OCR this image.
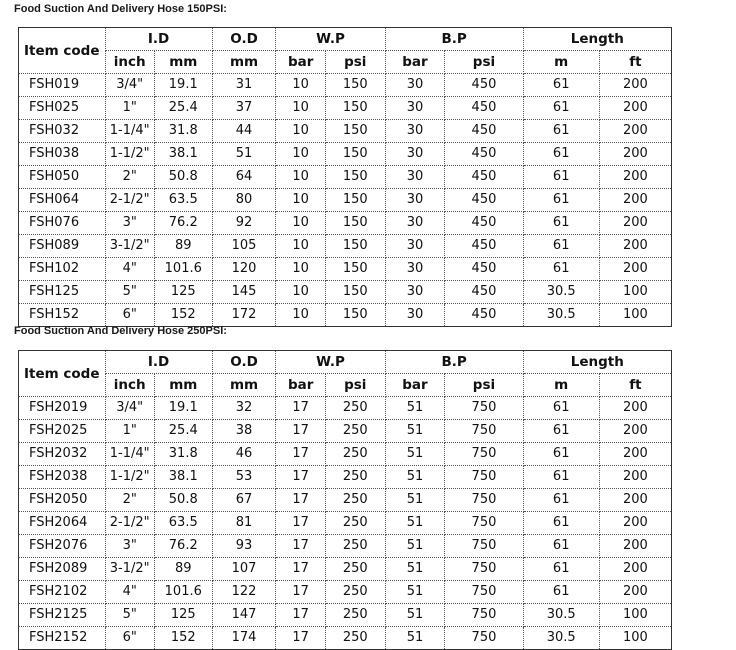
Food Suction And Delivery Hose 150PSI:
Item code	I.D		O.D	W.P		B.P		Length	
	inch	mm	mm	bar	psi	bar	psi	m	ft
FSH019	3/4"	19.1	31	10	150	30	450	61	200
FSH025	1"	25.4	37	10	150	30	450	61	200
FSH032	1-1/4"	31.8	44	10	150	30	450	61	200
FSH038	1-1/2"	38.1	51	10	150	30	450	61	200
FSH050	2"	50.8	64	10	150	30	450	61	200
FSH064	2-1/2"	63.5	80	10	150	30	450	61	200
FSH076	3"	76.2	92	10	150	30	450	61	200
FSH089	3-1/2"	89	105	10	150	30	450	61	200
FSH102	4"	101.6	120	10	150	30	450	61	200
FSH125	5"	125	145	10	150	30	450	30.5	100
FSH152	6"	152	172	10	150	30	450	30.5	100
Food Suction And Delivery Hose 250PSI:
Item code	I.D		O.D	W.P		B.P		Length	
	inch	mm	mm	bar	psi	bar	psi	m	ft
FSH2019	3/4"	19.1	32	17	250	51	750	61	200
FSH2025	1"	25.4	38	17	250	51	750	61	200
FSH2032	1-1/4"	31.8	46	17	250	51	750	61	200
FSH2038	1-1/2"	38.1	53	17	250	51	750	61	200
FSH2050	2"	50.8	67	17	250	51	750	61	200
FSH2064	2-1/2"	63.5	81	17	250	51	750	61	200
FSH2076	3"	76.2	93	17	250	51	750	61	200
FSH2089	3-1/2"	89	107	17	250	51	750	61	200
FSH2102	4"	101.6	122	17	250	51	750	61	200
FSH2125	5"	125	147	17	250	51	750	30.5	100
FSH2152	6"	152	174	17	250	51	750	30.5	100
